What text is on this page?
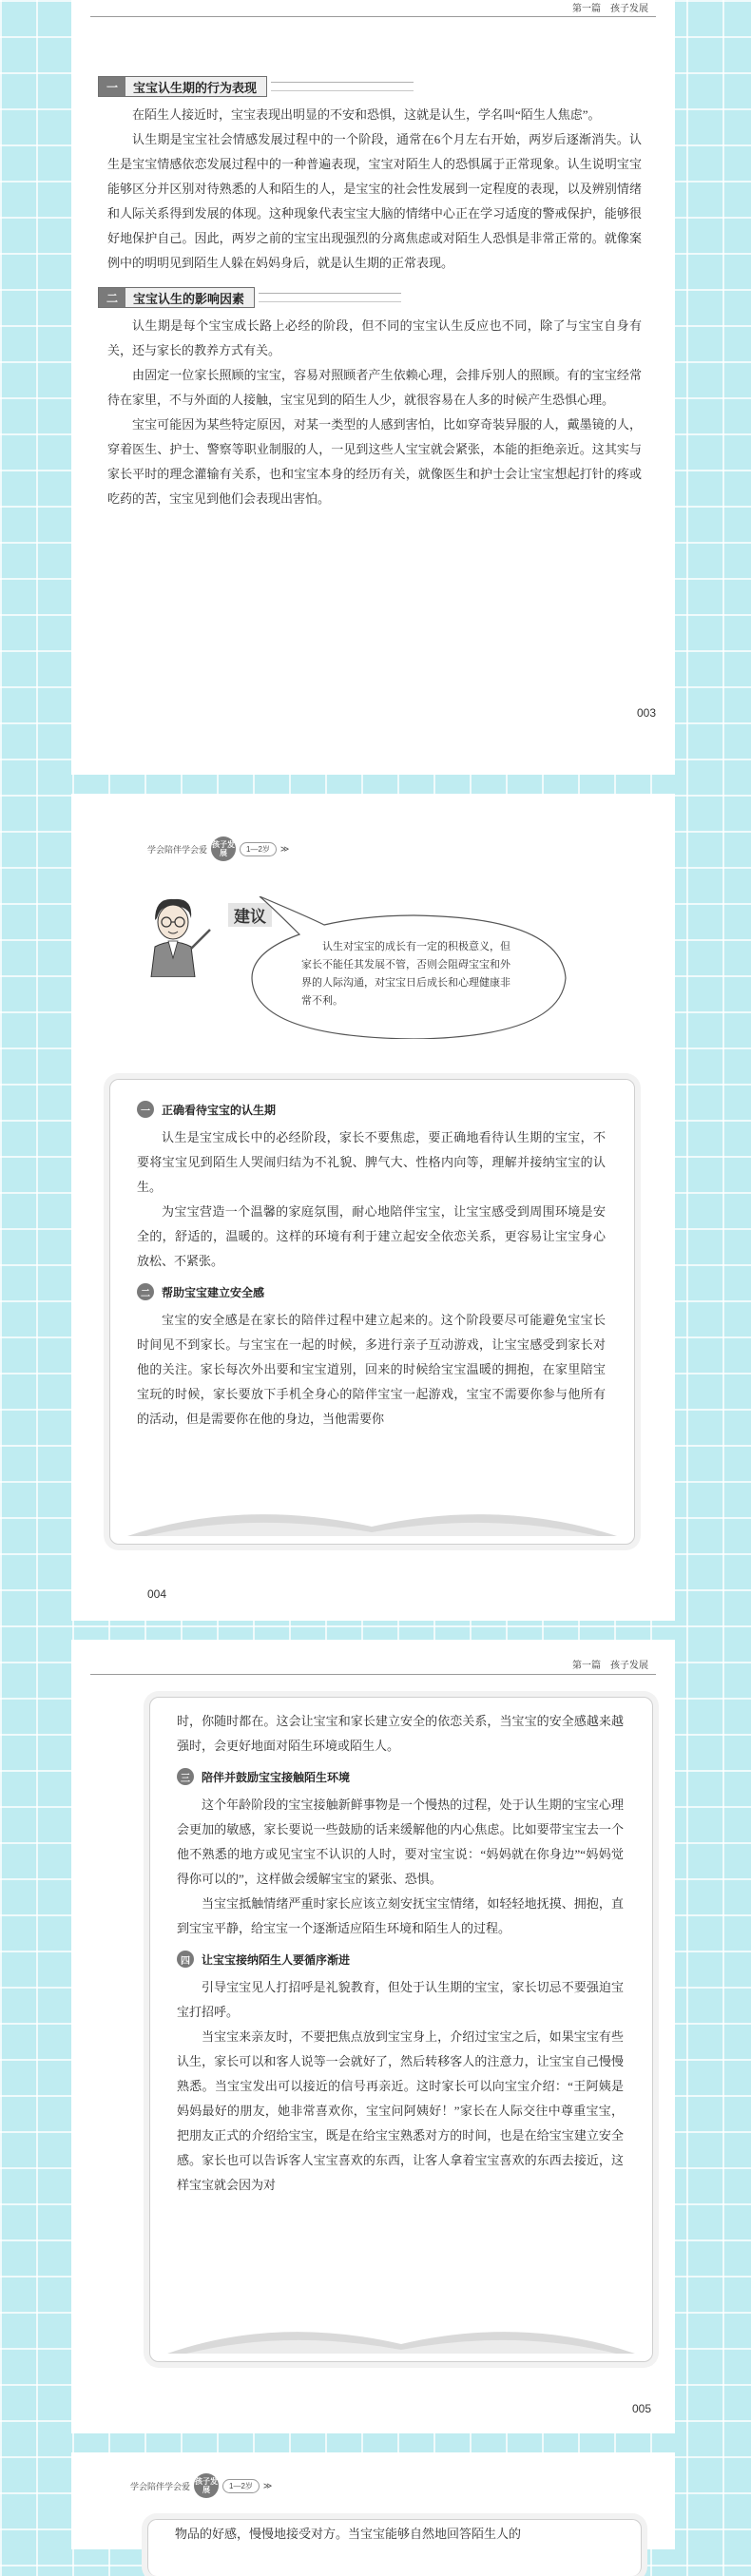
第一篇　孩子发展
一	宝宝认生期的行为表现

在陌生人接近时，宝宝表现出明显的不安和恐惧，这就是认生，学名叫“陌生人焦虑”。

认生期是宝宝社会情感发展过程中的一个阶段，通常在6个月左右开始，两岁后逐渐消失。认生是宝宝情感依恋发展过程中的一种普遍表现，宝宝对陌生人的恐惧属于正常现象。认生说明宝宝能够区分并区别对待熟悉的人和陌生的人，是宝宝的社会性发展到一定程度的表现，以及辨别情绪和人际关系得到发展的体现。这种现象代表宝宝大脑的情绪中心正在学习适度的警戒保护，能够很好地保护自己。因此，两岁之前的宝宝出现强烈的分离焦虑或对陌生人恐惧是非常正常的。就像案例中的明明见到陌生人躲在妈妈身后，就是认生期的正常表现。

二	宝宝认生的影响因素

认生期是每个宝宝成长路上必经的阶段，但不同的宝宝认生反应也不同，除了与宝宝自身有关，还与家长的教养方式有关。

由固定一位家长照顾的宝宝，容易对照顾者产生依赖心理，会排斥别人的照顾。有的宝宝经常待在家里，不与外面的人接触，宝宝见到的陌生人少，就很容易在人多的时候产生恐惧心理。

宝宝可能因为某些特定原因，对某一类型的人感到害怕，比如穿奇装异服的人，戴墨镜的人，穿着医生、护士、警察等职业制服的人，一见到这些人宝宝就会紧张，本能的拒绝亲近。这其实与家长平时的理念灌输有关系，也和宝宝本身的经历有关，就像医生和护士会让宝宝想起打针的疼或吃药的苦，宝宝见到他们会表现出害怕。

003
学会陪伴学会爱 孩子发展	1—2岁	≫
建议
认生对宝宝的成长有一定的积极意义，但家长不能任其发展不管，否则会阻碍宝宝和外界的人际沟通，对宝宝日后成长和心理健康非常不利。
一	正确看待宝宝的认生期

认生是宝宝成长中的必经阶段，家长不要焦虑，要正确地看待认生期的宝宝，不要将宝宝见到陌生人哭闹归结为不礼貌、脾气大、性格内向等，理解并接纳宝宝的认生。

为宝宝营造一个温馨的家庭氛围，耐心地陪伴宝宝，让宝宝感受到周围环境是安全的，舒适的，温暖的。这样的环境有利于建立起安全依恋关系，更容易让宝宝身心放松、不紧张。

二	帮助宝宝建立安全感

宝宝的安全感是在家长的陪伴过程中建立起来的。这个阶段要尽可能避免宝宝长时间见不到家长。与宝宝在一起的时候，多进行亲子互动游戏，让宝宝感受到家长对他的关注。家长每次外出要和宝宝道别，回来的时候给宝宝温暖的拥抱，在家里陪宝宝玩的时候，家长要放下手机全身心的陪伴宝宝一起游戏，宝宝不需要你参与他所有的活动，但是需要你在他的身边，当他需要你

004
第一篇　孩子发展

时，你随时都在。这会让宝宝和家长建立安全的依恋关系，当宝宝的安全感越来越强时，会更好地面对陌生环境或陌生人。

三	陪伴并鼓励宝宝接触陌生环境

这个年龄阶段的宝宝接触新鲜事物是一个慢热的过程，处于认生期的宝宝心理会更加的敏感，家长要说一些鼓励的话来缓解他的内心焦虑。比如要带宝宝去一个他不熟悉的地方或见宝宝不认识的人时，要对宝宝说：“妈妈就在你身边”“妈妈觉得你可以的”，这样做会缓解宝宝的紧张、恐惧。

当宝宝抵触情绪严重时家长应该立刻安抚宝宝情绪，如轻轻地抚摸、拥抱，直到宝宝平静，给宝宝一个逐渐适应陌生环境和陌生人的过程。

四	让宝宝接纳陌生人要循序渐进

引导宝宝见人打招呼是礼貌教育，但处于认生期的宝宝，家长切忌不要强迫宝宝打招呼。

当宝宝来亲友时，不要把焦点放到宝宝身上，介绍过宝宝之后，如果宝宝有些认生，家长可以和客人说等一会就好了，然后转移客人的注意力，让宝宝自己慢慢熟悉。当宝宝发出可以接近的信号再亲近。这时家长可以向宝宝介绍：“王阿姨是妈妈最好的朋友，她非常喜欢你，宝宝问阿姨好！”家长在人际交往中尊重宝宝，把朋友正式的介绍给宝宝，既是在给宝宝熟悉对方的时间，也是在给宝宝建立安全感。家长也可以告诉客人宝宝喜欢的东西，让客人拿着宝宝喜欢的东西去接近，这样宝宝就会因为对

005
学会陪伴学会爱 孩子发展	1—2岁	≫

物品的好感，慢慢地接受对方。当宝宝能够自然地回答陌生人的
